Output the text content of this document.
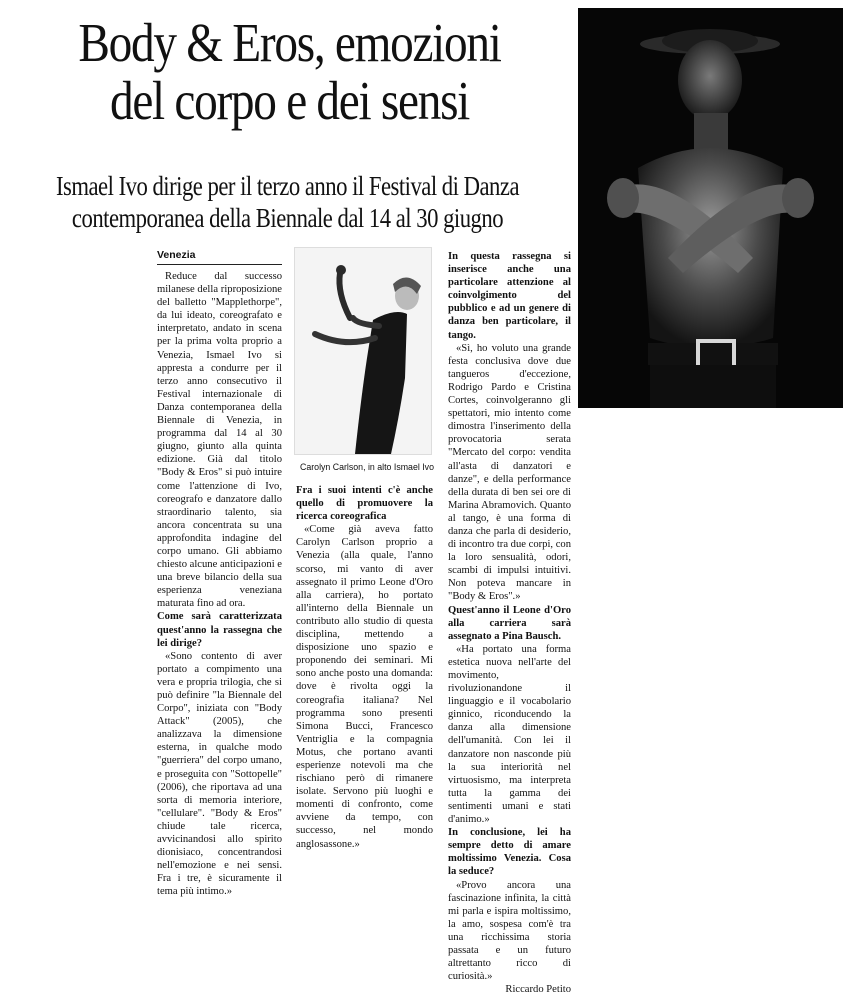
Body & Eros, emozioni
del corpo e dei sensi
Ismael Ivo dirige per il terzo anno il Festival di Danza
contemporanea della Biennale dal 14 al 30 giugno
Venezia

Reduce dal successo milanese della riproposizione del balletto "Mapplethorpe", da lui ideato, coreografato e interpretato, andato in scena per la prima volta proprio a Venezia, Ismael Ivo si appresta a condurre per il terzo anno consecutivo il Festival internazionale di Danza contemporanea della Biennale di Venezia, in programma dal 14 al 30 giugno, giunto alla quinta edizione. Già dal titolo "Body & Eros" si può intuire come l'attenzione di Ivo, coreografo e danzatore dallo straordinario talento, sia ancora concentrata su una approfondita indagine del corpo umano. Gli abbiamo chiesto alcune anticipazioni e una breve bilancio della sua esperienza veneziana maturata fino ad ora.

Come sarà caratterizzata quest'anno la rassegna che lei dirige?

«Sono contento di aver portato a compimento una vera e propria trilogia, che si può definire "la Biennale del Corpo", iniziata con "Body Attack" (2005), che analizzava la dimensione esterna, in qualche modo "guerriera" del corpo umano, e proseguita con "Sottopelle" (2006), che riportava ad una sorta di memoria interiore, "cellulare". "Body & Eros" chiude tale ricerca, avvicinandosi allo spirito dionisiaco, concentrandosi nell'emozione e nei sensi. Fra i tre, è sicuramente il tema più intimo.»

Carolyn Carlson, in alto Ismael Ivo

Fra i suoi intenti c'è anche quello di promuovere la ricerca coreografica

«Come già aveva fatto Carolyn Carlson proprio a Venezia (alla quale, l'anno scorso, mi vanto di aver assegnato il primo Leone d'Oro alla carriera), ho portato all'interno della Biennale un contributo allo studio di questa disciplina, mettendo a disposizione uno spazio e proponendo dei seminari. Mi sono anche posto una domanda: dove è rivolta oggi la coreografia italiana? Nel programma sono presenti Simona Bucci, Francesco Ventriglia e la compagnia Motus, che portano avanti esperienze notevoli ma che rischiano però di rimanere isolate. Servono più luoghi e momenti di confronto, come avviene da tempo, con successo, nel mondo anglosassone.»

In questa rassegna si inserisce anche una particolare attenzione al coinvolgimento del pubblico e ad un genere di danza ben particolare, il tango.

«Sì, ho voluto una grande festa conclusiva dove due tangueros d'eccezione, Rodrigo Pardo e Cristina Cortes, coinvolgeranno gli spettatori, mio intento come dimostra l'inserimento della provocatoria serata "Mercato del corpo: vendita all'asta di danzatori e danze", e della performance della durata di ben sei ore di Marina Abramovich. Quanto al tango, è una forma di danza che parla di desiderio, di incontro tra due corpi, con la loro sensualità, odori, scambi di impulsi intuitivi. Non poteva mancare in "Body & Eros".»

Quest'anno il Leone d'Oro alla carriera sarà assegnato a Pina Bausch.

«Ha portato una forma estetica nuova nell'arte del movimento, rivoluzionandone il linguaggio e il vocabolario ginnico, riconducendo la danza alla dimensione dell'umanità. Con lei il danzatore non nasconde più la sua interiorità nel virtuosismo, ma interpreta tutta la gamma dei sentimenti umani e stati d'animo.»

In conclusione, lei ha sempre detto di amare moltissimo Venezia. Cosa la seduce?

«Provo ancora una fascinazione infinita, la città mi parla e ispira moltissimo, la amo, sospesa com'è tra una ricchissima storia passata e un futuro altrettanto ricco di curiosità.»

Riccardo Petito
